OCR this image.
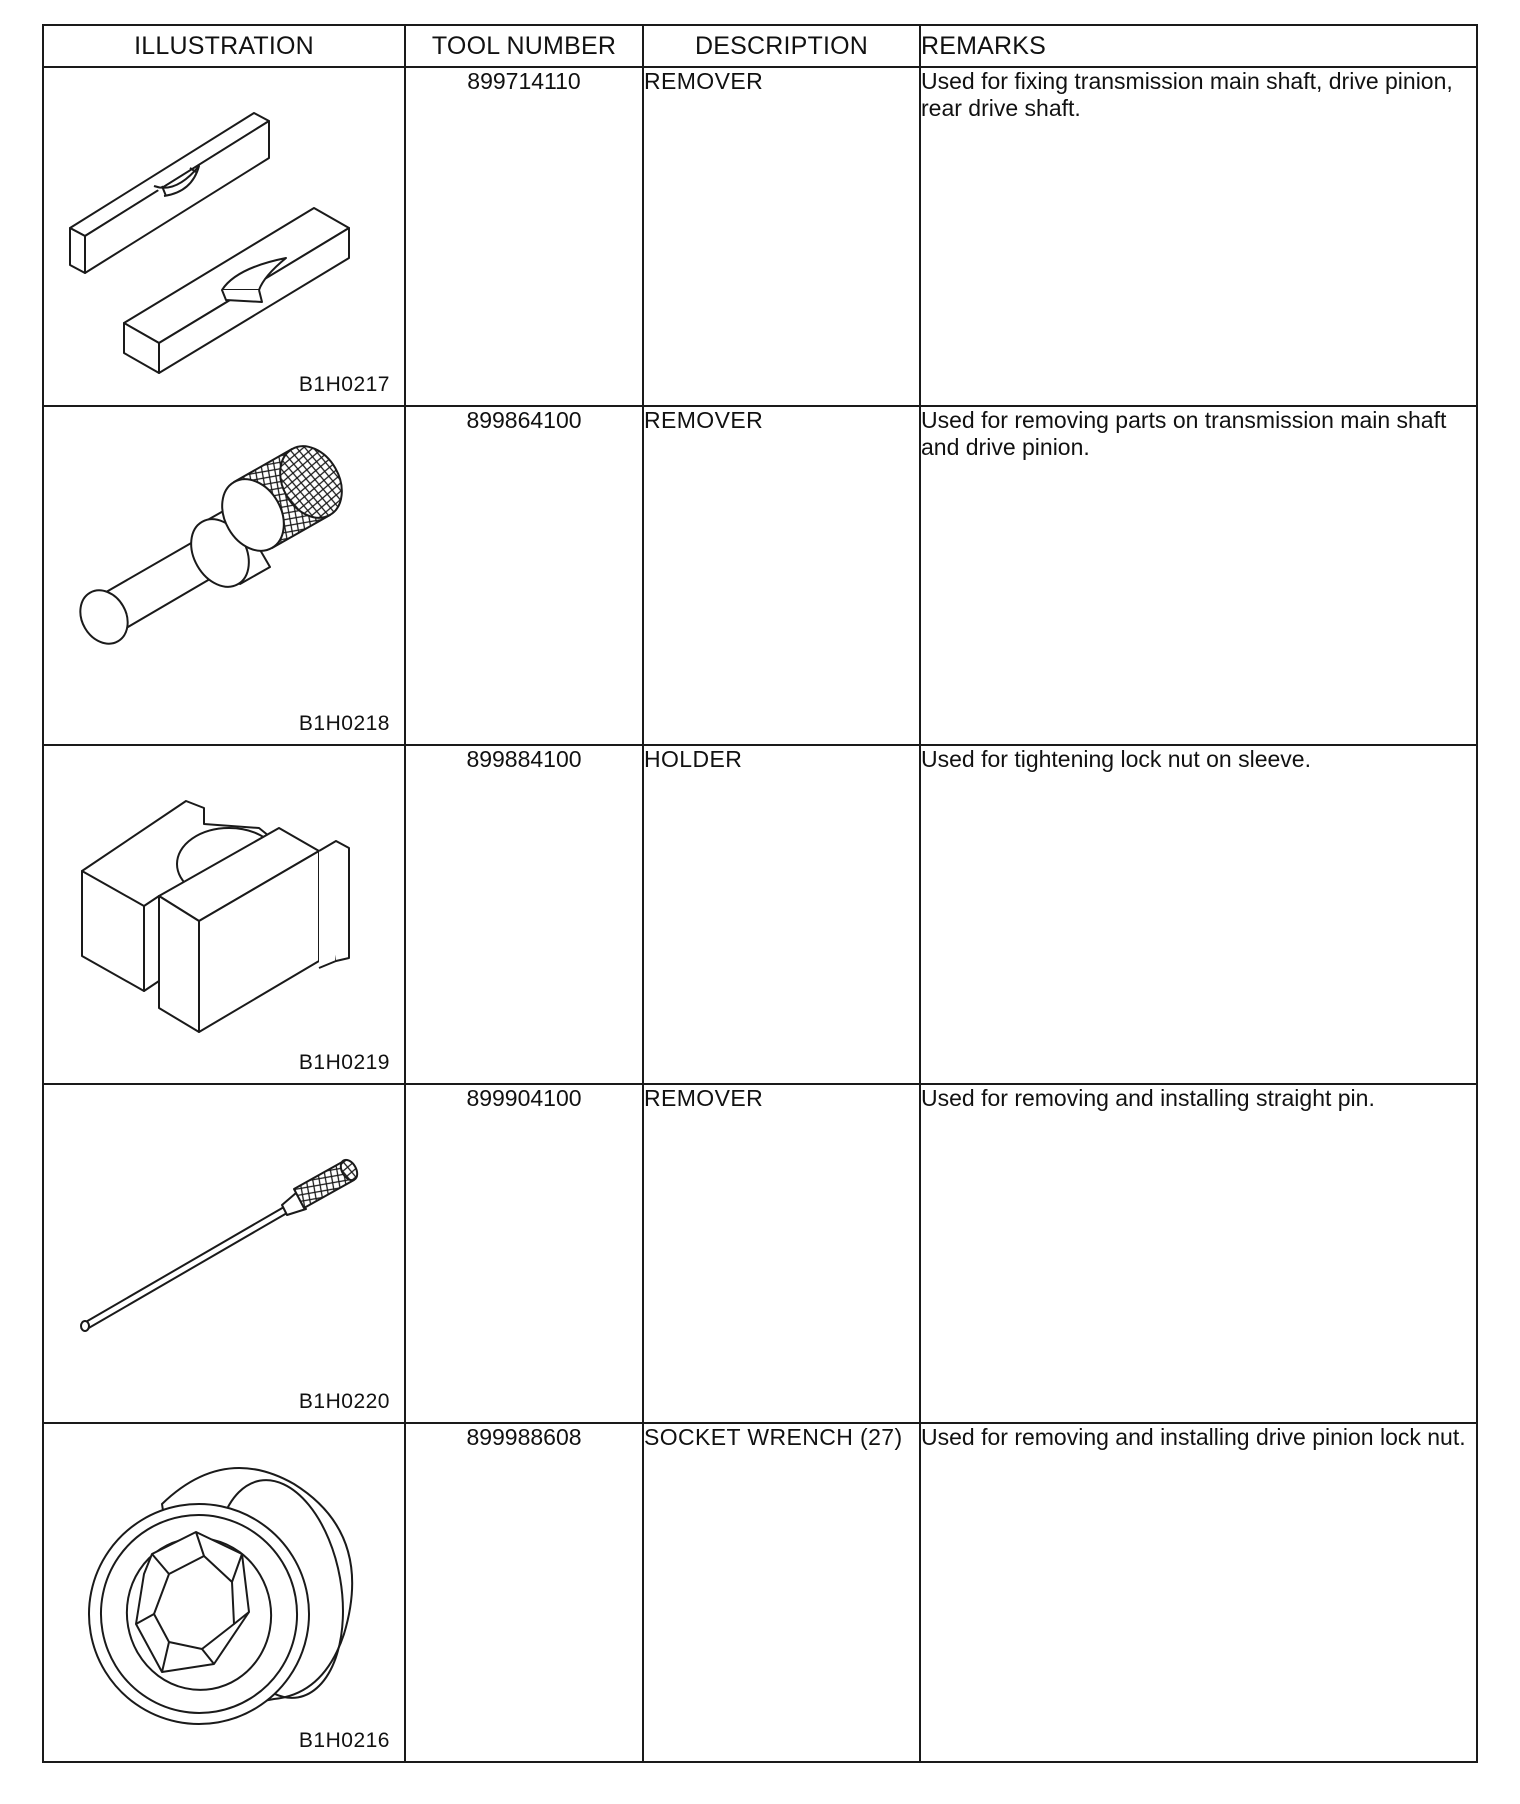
ILLUSTRATION	TOOL NUMBER	DESCRIPTION	REMARKS

B1H0217	899714110	REMOVER	Used for fixing transmission main shaft, drive pinion, rear drive shaft.

B1H0218	899864100	REMOVER	Used for removing parts on transmission main shaft and drive pinion.

B1H0219	899884100	HOLDER	Used for tightening lock nut on sleeve.

B1H0220	899904100	REMOVER	Used for removing and installing straight pin.

B1H0216	899988608	SOCKET WRENCH (27)	Used for removing and installing drive pinion lock nut.
